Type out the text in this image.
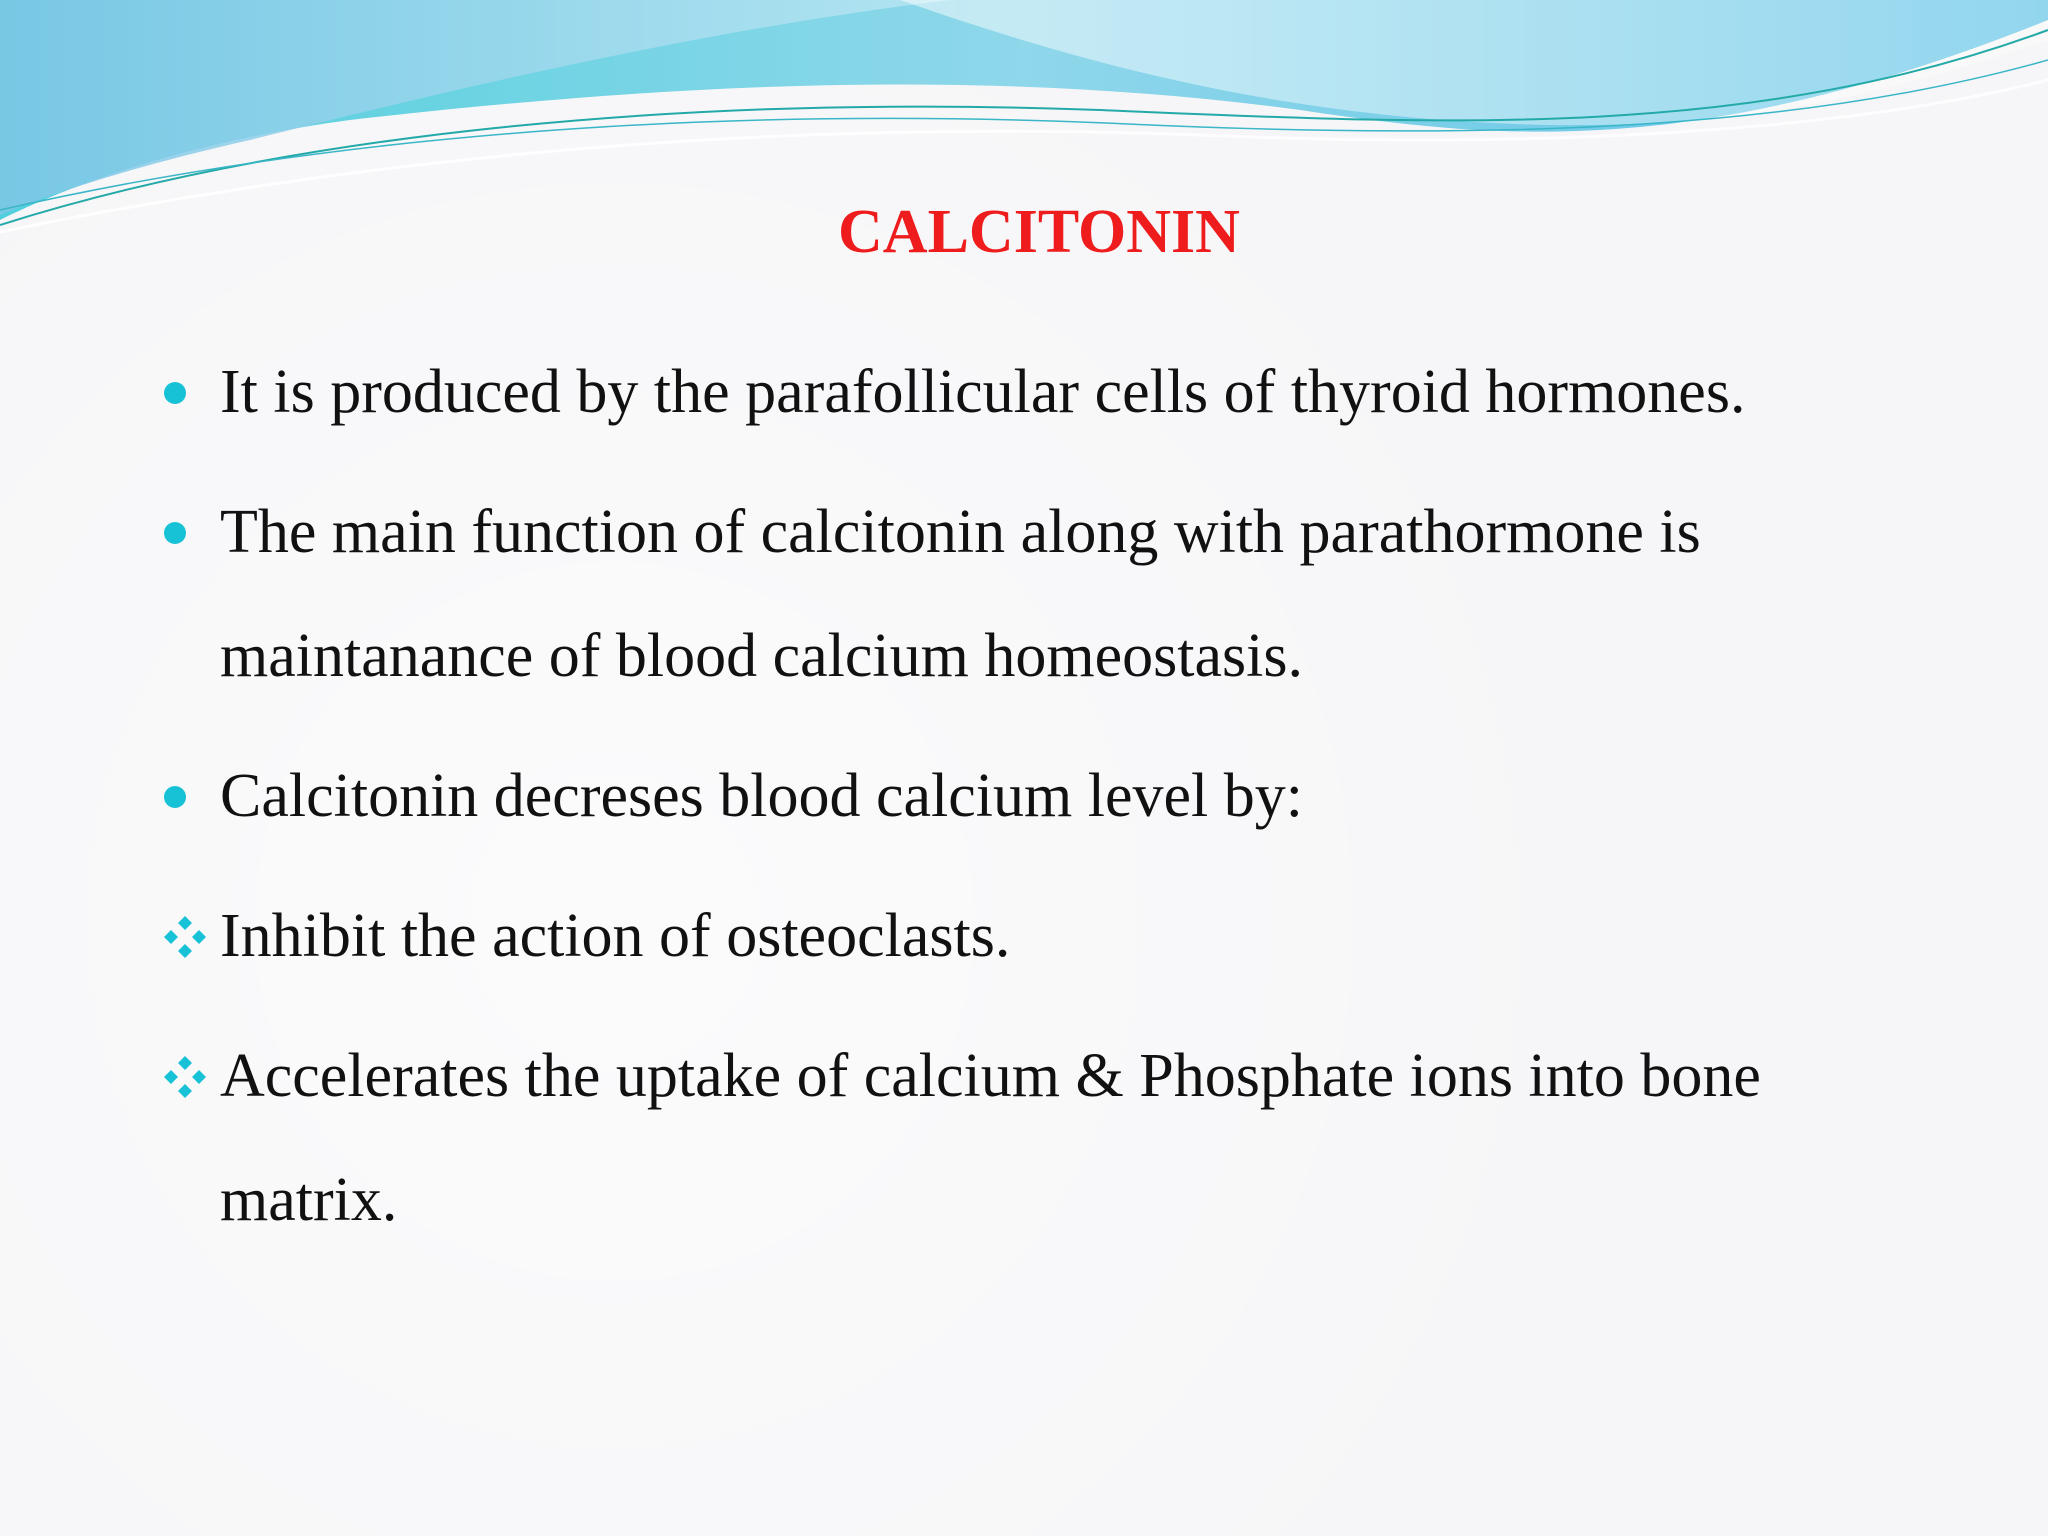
CALCITONIN
It is produced by the parafollicular cells of thyroid hormones.
The main function of calcitonin along with parathormone is maintanance of blood calcium homeostasis.
Calcitonin decreses blood calcium level by:
Inhibit the action of osteoclasts.
Accelerates the uptake of calcium & Phosphate ions into bone matrix.
